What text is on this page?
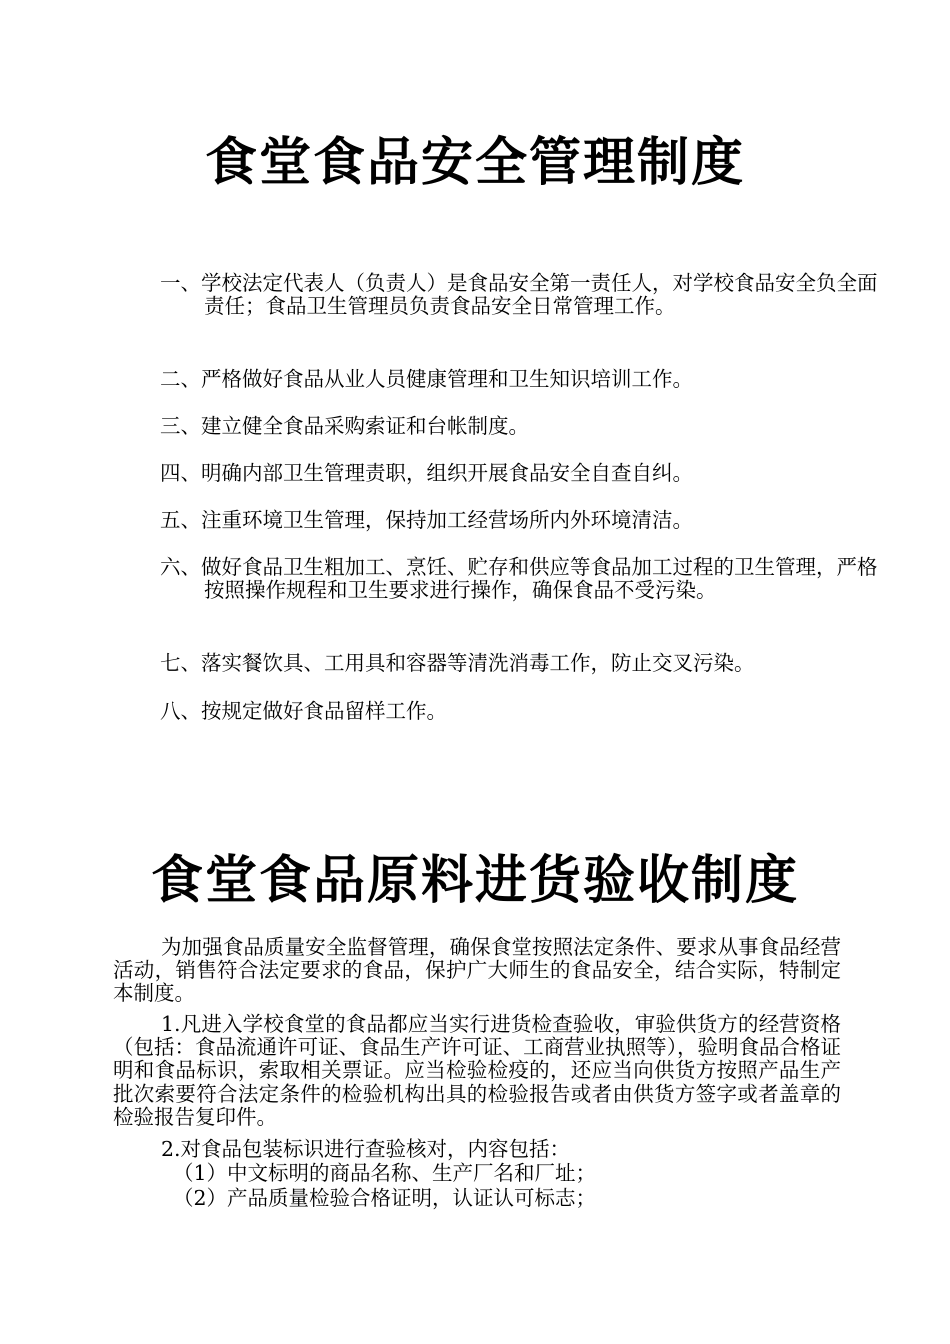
食堂食品安全管理制度

一、学校法定代表人（负责人）是食品安全第一责任人，对学校食品安全负全面责任；食品卫生管理员负责食品安全日常管理工作。

二、严格做好食品从业人员健康管理和卫生知识培训工作。

三、建立健全食品采购索证和台帐制度。

四、明确内部卫生管理责职，组织开展食品安全自查自纠。

五、注重环境卫生管理，保持加工经营场所内外环境清洁。

六、做好食品卫生粗加工、烹饪、贮存和供应等食品加工过程的卫生管理，严格按照操作规程和卫生要求进行操作，确保食品不受污染。

七、落实餐饮具、工用具和容器等清洗消毒工作，防止交叉污染。

八、按规定做好食品留样工作。

食堂食品原料进货验收制度

为加强食品质量安全监督管理，确保食堂按照法定条件、要求从事食品经营活动，销售符合法定要求的食品，保护广大师生的食品安全，结合实际，特制定本制度。

1.凡进入学校食堂的食品都应当实行进货检查验收，审验供货方的经营资格（包括：食品流通许可证、食品生产许可证、工商营业执照等），验明食品合格证明和食品标识，索取相关票证。应当检验检疫的，还应当向供货方按照产品生产批次索要符合法定条件的检验机构出具的检验报告或者由供货方签字或者盖章的检验报告复印件。

2.对食品包装标识进行查验核对，内容包括：

（1）中文标明的商品名称、生产厂名和厂址；

（2）产品质量检验合格证明，认证认可标志；
